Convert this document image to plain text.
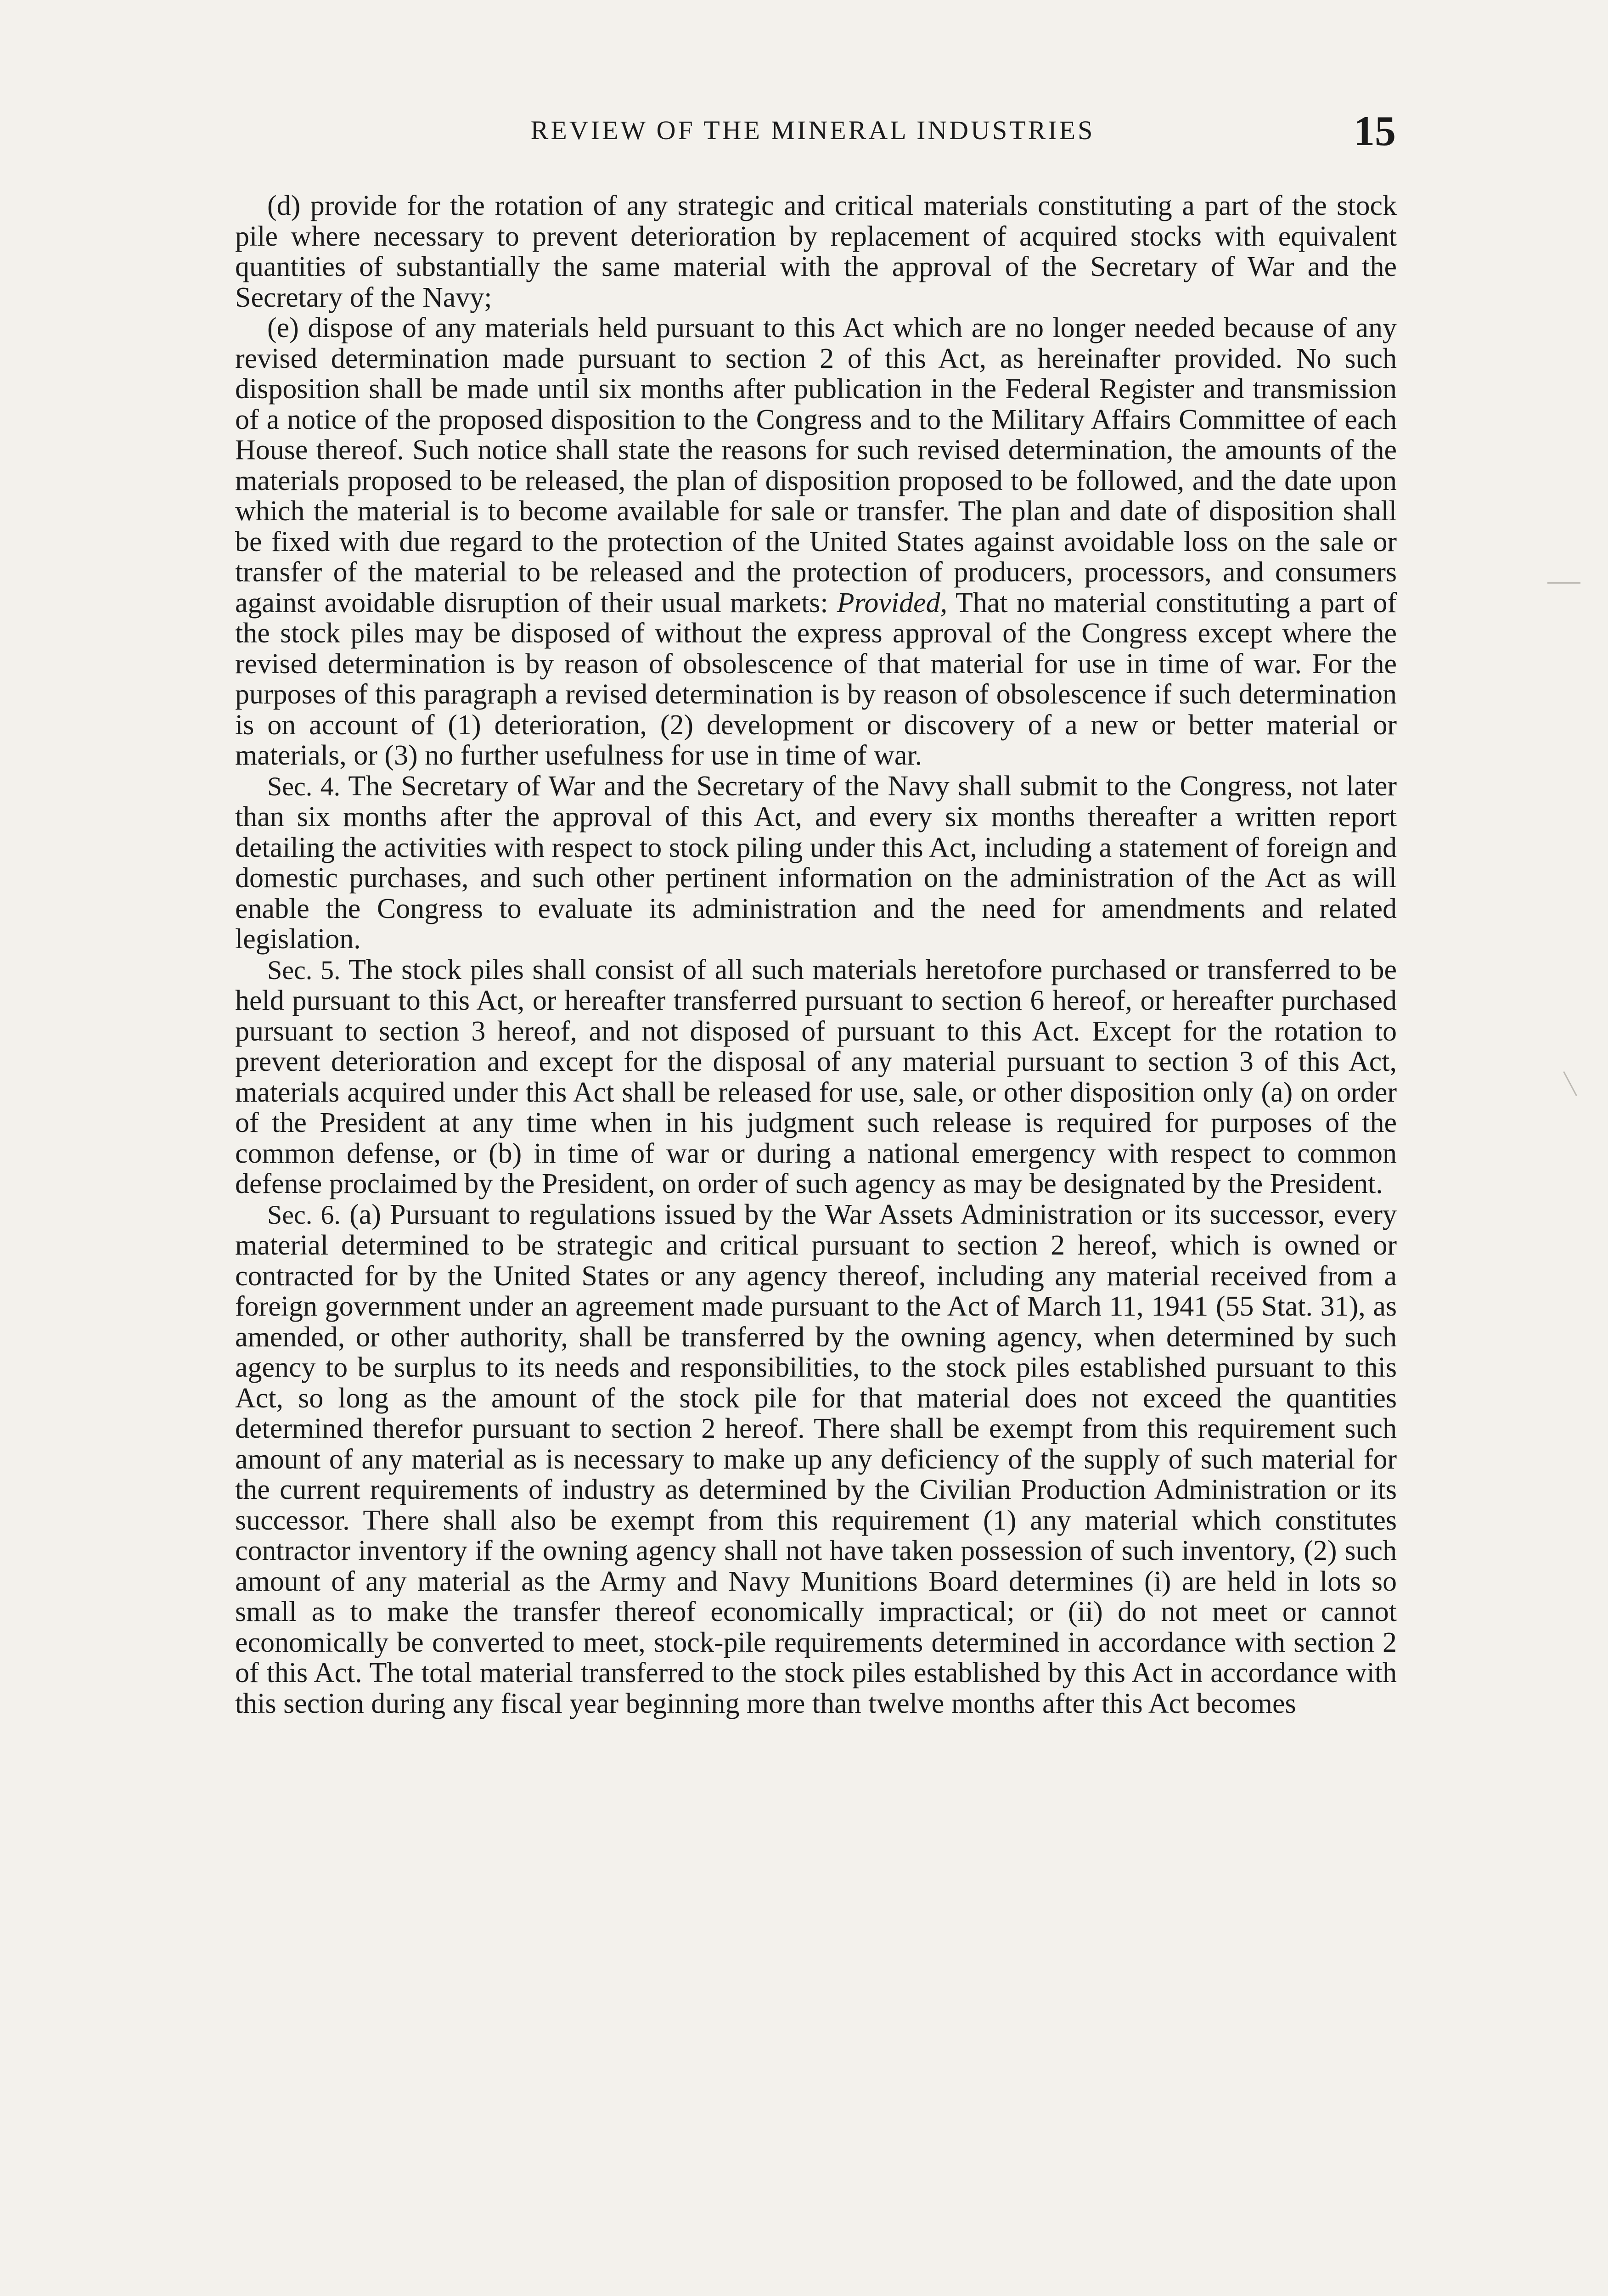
REVIEW OF THE MINERAL INDUSTRIES	15

(d) provide for the rotation of any strategic and critical materials constituting a part of the stock pile where necessary to prevent deterioration by replacement of acquired stocks with equivalent quantities of substantially the same material with the approval of the Secretary of War and the Secretary of the Navy;

(e) dispose of any materials held pursuant to this Act which are no longer needed because of any revised determination made pursuant to section 2 of this Act, as hereinafter provided. No such disposition shall be made until six months after publication in the Federal Register and transmission of a notice of the proposed disposition to the Congress and to the Military Affairs Committee of each House thereof. Such notice shall state the reasons for such revised determination, the amounts of the materials proposed to be released, the plan of disposition proposed to be followed, and the date upon which the material is to become available for sale or transfer. The plan and date of disposition shall be fixed with due regard to the protection of the United States against avoidable loss on the sale or transfer of the material to be released and the protection of producers, processors, and consumers against avoidable disruption of their usual markets: Provided, That no material constituting a part of the stock piles may be disposed of without the express approval of the Congress except where the revised determination is by reason of obsolescence of that material for use in time of war. For the purposes of this paragraph a revised determination is by reason of obsolescence if such determination is on account of (1) deterioration, (2) development or discovery of a new or better material or materials, or (3) no further usefulness for use in time of war.

Sec. 4. The Secretary of War and the Secretary of the Navy shall submit to the Congress, not later than six months after the approval of this Act, and every six months thereafter a written report detailing the activities with respect to stock piling under this Act, including a statement of foreign and domestic purchases, and such other pertinent information on the administration of the Act as will enable the Congress to evaluate its administration and the need for amendments and related legislation.

Sec. 5. The stock piles shall consist of all such materials heretofore purchased or transferred to be held pursuant to this Act, or hereafter transferred pursuant to section 6 hereof, or hereafter purchased pursuant to section 3 hereof, and not disposed of pursuant to this Act. Except for the rotation to prevent deterioration and except for the disposal of any material pursuant to section 3 of this Act, materials acquired under this Act shall be released for use, sale, or other disposition only (a) on order of the President at any time when in his judgment such release is required for purposes of the common defense, or (b) in time of war or during a national emergency with respect to common defense proclaimed by the President, on order of such agency as may be designated by the President.

Sec. 6. (a) Pursuant to regulations issued by the War Assets Administration or its successor, every material determined to be strategic and critical pursuant to section 2 hereof, which is owned or contracted for by the United States or any agency thereof, including any material received from a foreign government under an agreement made pursuant to the Act of March 11, 1941 (55 Stat. 31), as amended, or other authority, shall be transferred by the owning agency, when determined by such agency to be surplus to its needs and responsibilities, to the stock piles established pursuant to this Act, so long as the amount of the stock pile for that material does not exceed the quantities determined therefor pursuant to section 2 hereof. There shall be exempt from this requirement such amount of any material as is necessary to make up any deficiency of the supply of such material for the current requirements of industry as determined by the Civilian Production Administration or its successor. There shall also be exempt from this requirement (1) any material which constitutes contractor inventory if the owning agency shall not have taken possession of such inventory, (2) such amount of any material as the Army and Navy Munitions Board determines (i) are held in lots so small as to make the transfer thereof economically impractical; or (ii) do not meet or cannot economically be converted to meet, stock-pile requirements determined in accordance with section 2 of this Act. The total material transferred to the stock piles established by this Act in accordance with this section during any fiscal year beginning more than twelve months after this Act becomes
